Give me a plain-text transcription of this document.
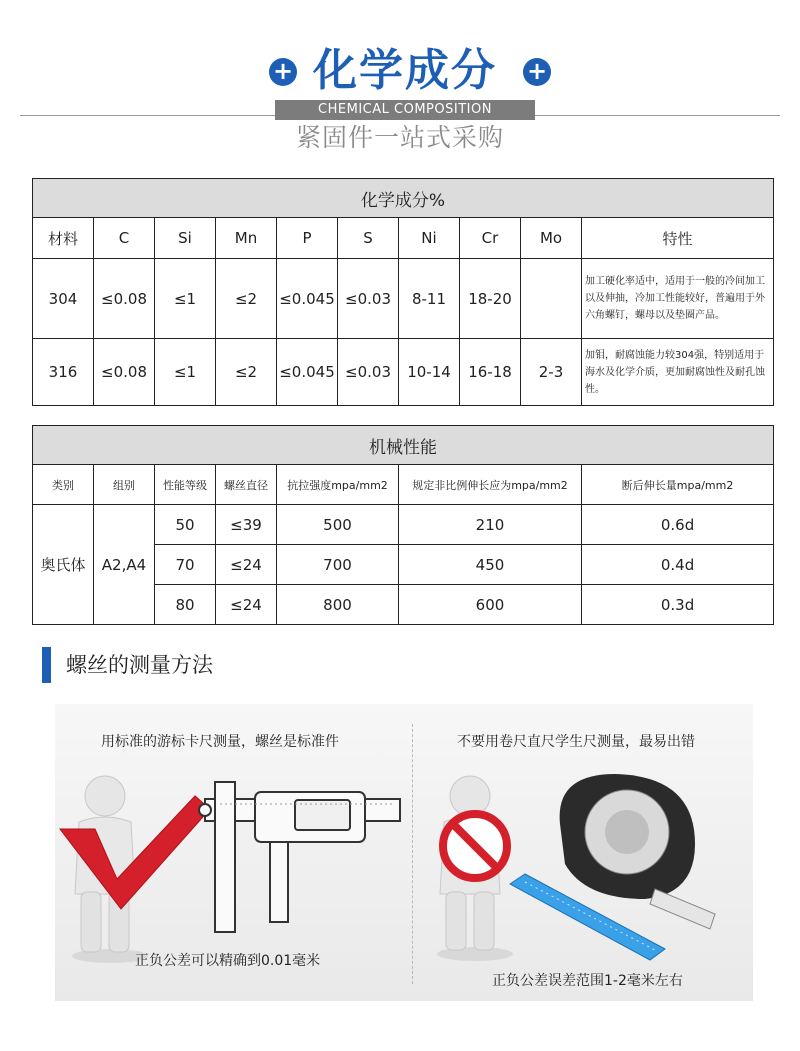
+ 化学成分	+
CHEMICAL COMPOSITION
紧固件一站式采购
化学成分%									
材料	C	Si	Mn	P	S	Ni	Cr	Mo	特性
304	≤0.08	≤1	≤2	≤0.045	≤0.03	8-11	18-20		加工硬化率适中，适用于一般的冷间加工以及伸抽，冷加工性能较好，普遍用于外六角螺钉，螺母以及垫圈产品。
316	≤0.08	≤1	≤2	≤0.045	≤0.03	10-14	16-18	2-3	加钼，耐腐蚀能力较304强，特别适用于海水及化学介质，更加耐腐蚀性及耐孔蚀性。
机械性能						
类别	组别	性能等级	螺丝直径	抗拉强度mpa/mm2	规定非比例伸长应为mpa/mm2	断后伸长量mpa/mm2
奥氏体	A2,A4	50	≤39	500	210	0.6d
		70	≤24	700	450	0.4d
		80	≤24	800	600	0.3d
螺丝的测量方法
用标准的游标卡尺测量，螺丝是标准件	不要用卷尺直尺学生尺测量，最易出错
正负公差可以精确到0.01毫米
正负公差误差范围1-2毫米左右
